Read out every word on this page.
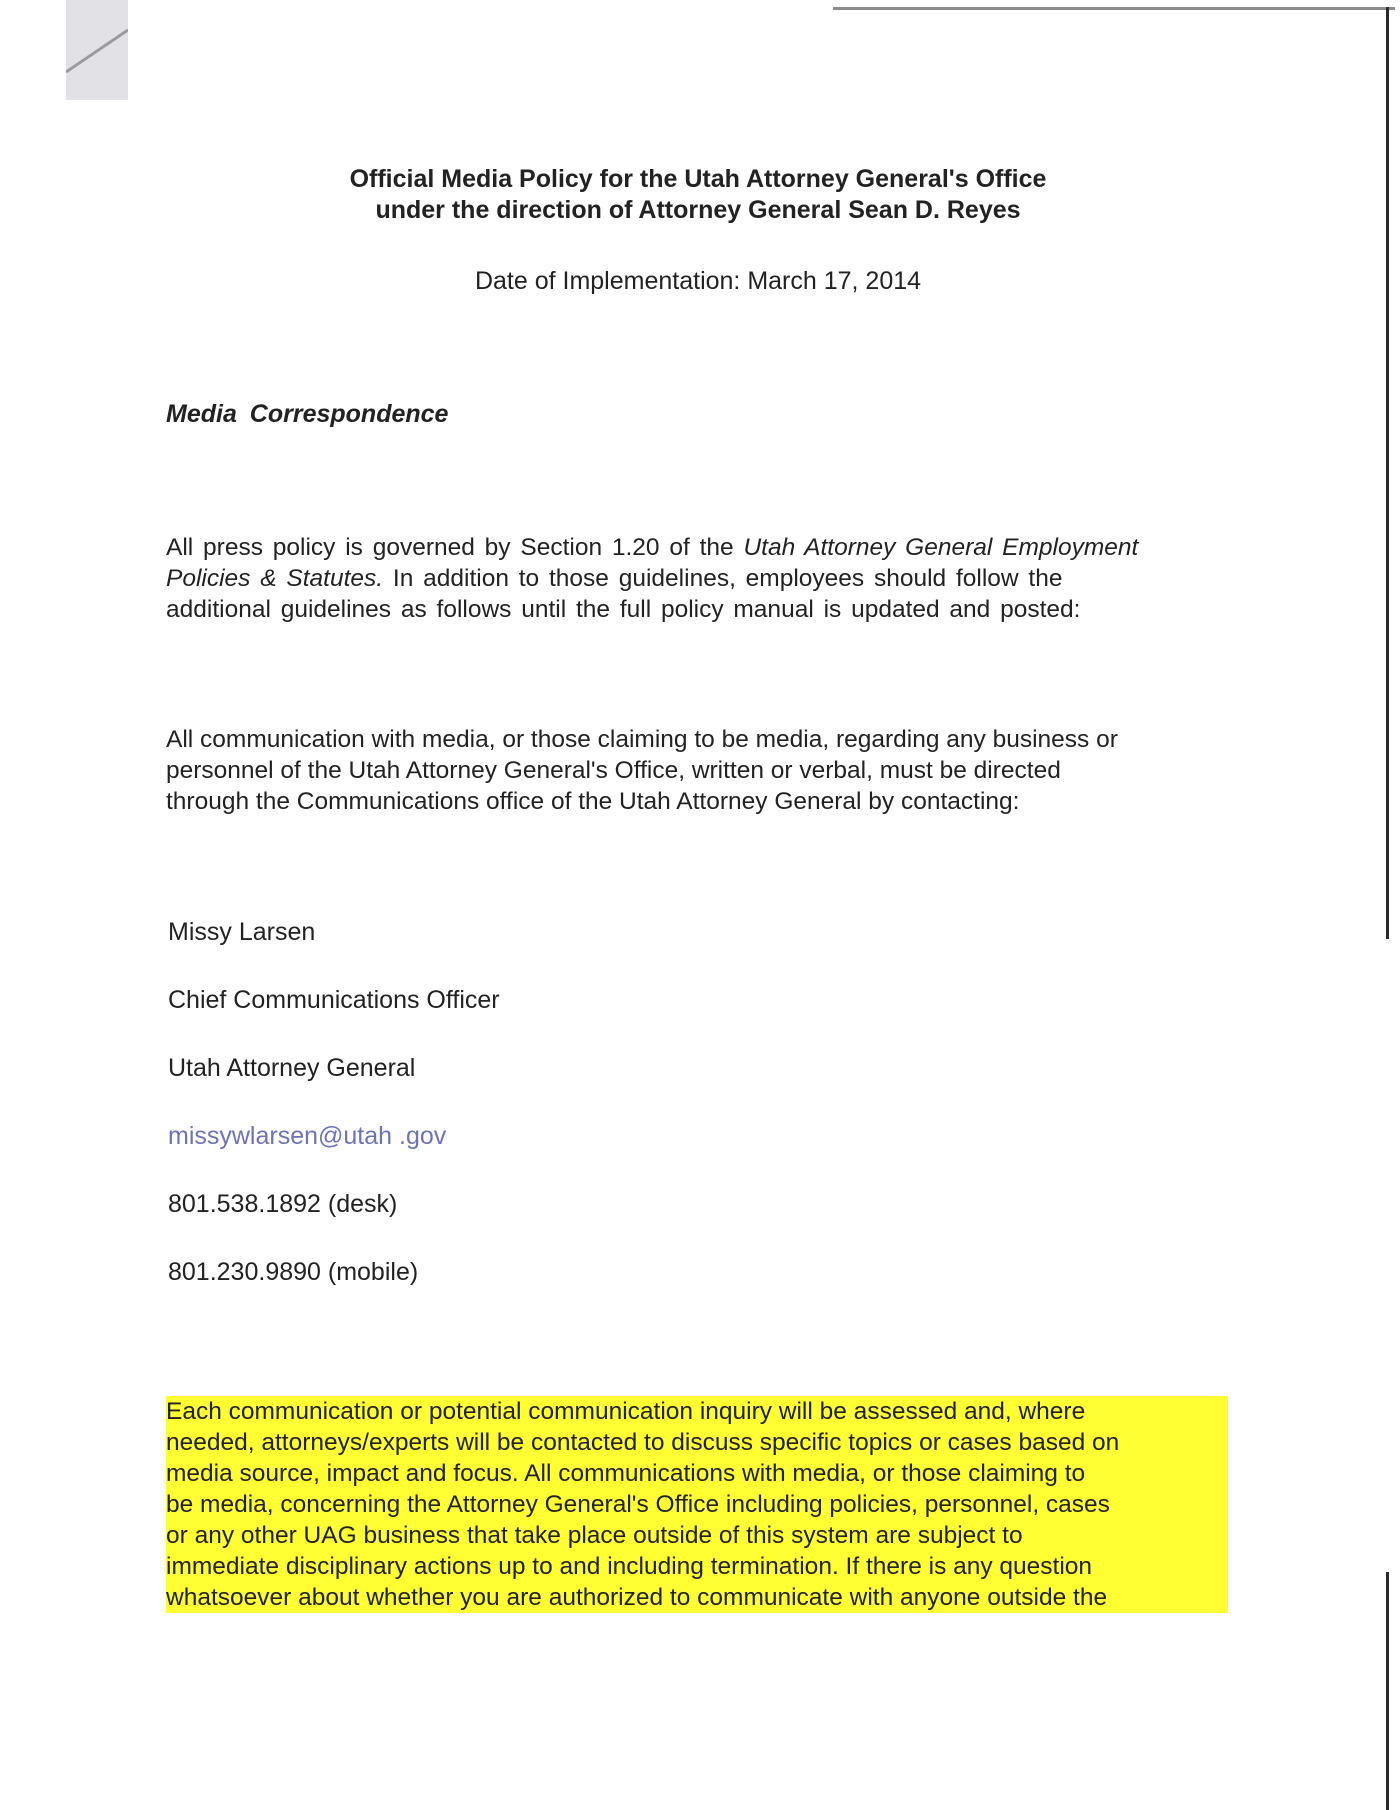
Official Media Policy for the Utah Attorney General's Office
under the direction of Attorney General Sean D. Reyes
Date of Implementation: March 17, 2014
Media Correspondence

All press policy is governed by Section 1.20 of the Utah Attorney General Employment
Policies & Statutes. In addition to those guidelines, employees should follow the
additional guidelines as follows until the full policy manual is updated and posted:

All communication with media, or those claiming to be media, regarding any business or
personnel of the Utah Attorney General's Office, written or verbal, must be directed
through the Communications office of the Utah Attorney General by contacting:

Missy Larsen
Chief Communications Officer
Utah Attorney General
missywlarsen@utah .gov
801.538.1892 (desk)
801.230.9890 (mobile)

Each communication or potential communication inquiry will be assessed and, where
needed, attorneys/experts will be contacted to discuss specific topics or cases based on
media source, impact and focus. All communications with media, or those claiming to
be media, concerning the Attorney General's Office including policies, personnel, cases
or any other UAG business that take place outside of this system are subject to
immediate disciplinary actions up to and including termination. If there is any question
whatsoever about whether you are authorized to communicate with anyone outside the
